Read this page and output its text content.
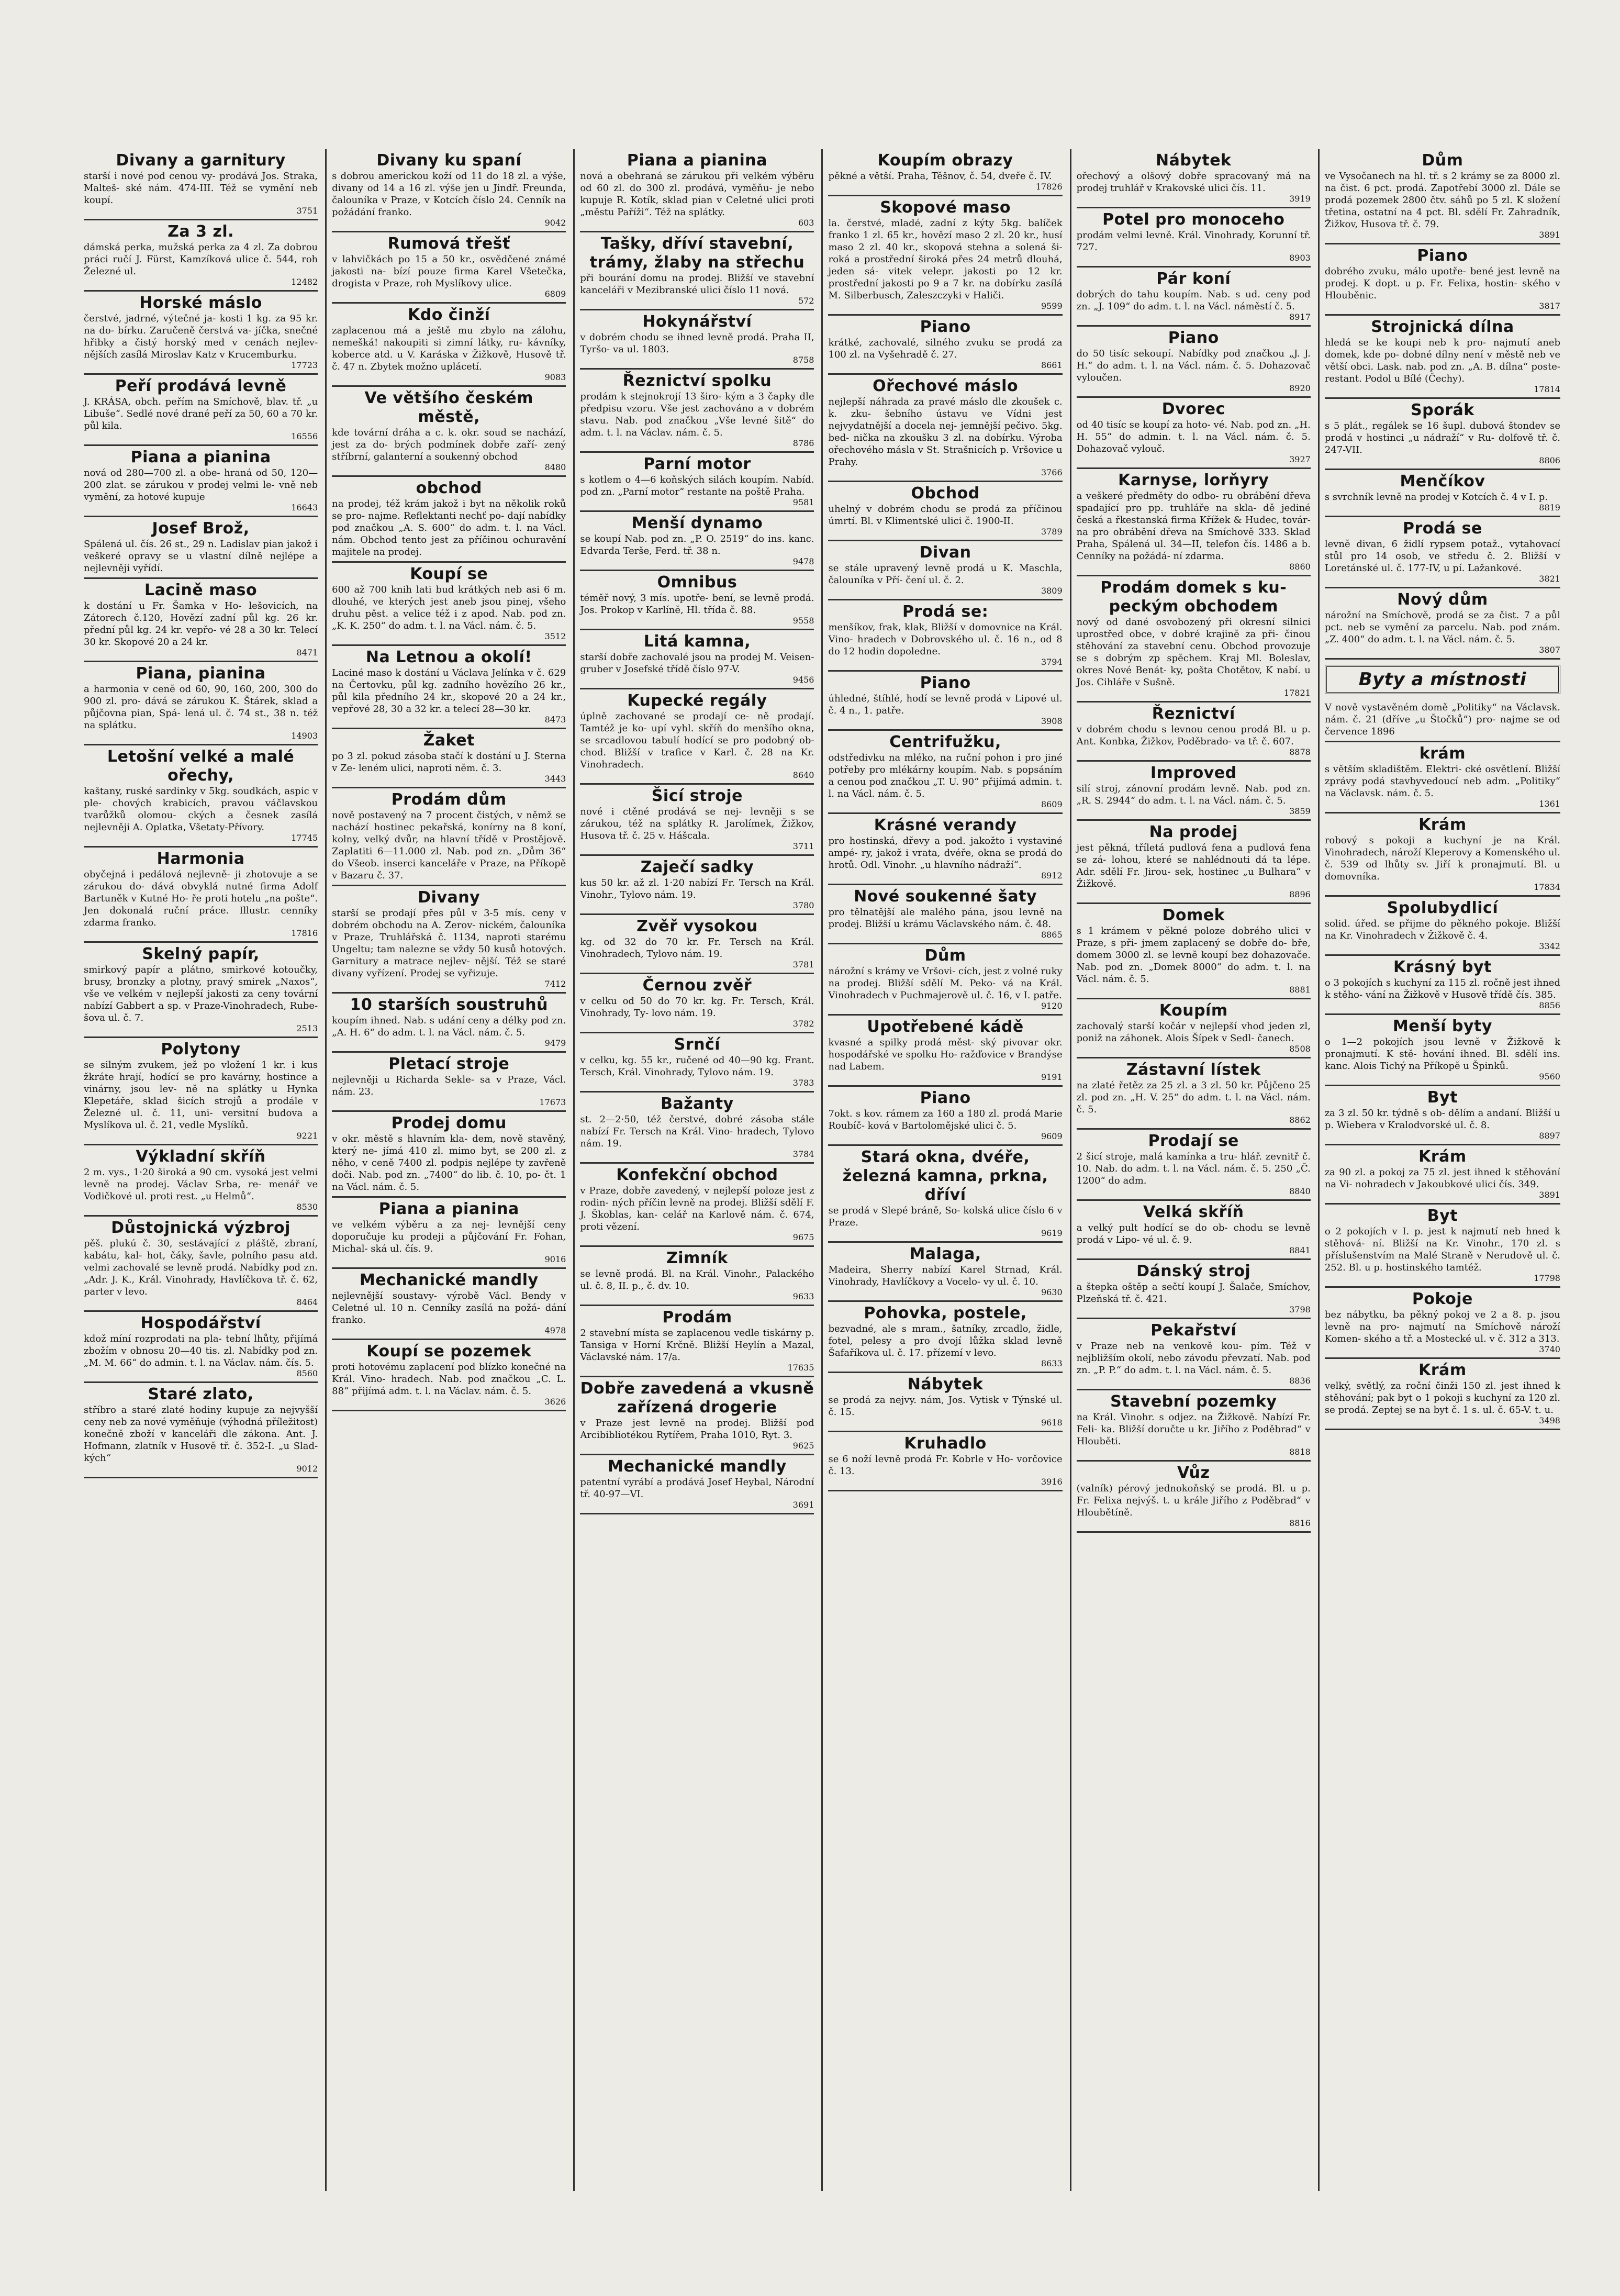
Divany a garnitury

starší i nové pod cenou vy- prodává Jos. Straka, Malteš- ské nám. 474-III. Též se vymění neb koupí.

3751
Za 3 zl.

dámská perka, mužská perka za 4 zl. Za dobrou práci ručí J. Fürst, Kamzíková ulice č. 544, roh Železné ul.

12482
Horské máslo

čerstvé, jadrné, výtečné ja- kosti 1 kg. za 95 kr. na do- bírku. Zaručeně čerstvá va- jíčka, snečné hřibky a čistý horský med v cenách nejlev- nějších zasílá Miroslav Katz v Krucemburku.

17723
Peří prodává levně

J. KRÁSA, obch. peřím na Smíchově, blav. tř. „u Libuše“. Sedlé nové drané peří za 50, 60 a 70 kr. půl kila.

16556
Piana a pianina

nová od 280—700 zl. a obe- hraná od 50, 120—200 zlat. se zárukou v prodej velmi le- vně neb vymění, za hotové kupuje

16643
Josef Brož,

Spálená ul. čís. 26 st., 29 n. Ladislav pian jakož i veškeré opravy se u vlastní dílně nejlépe a nejlevněji vyřídí.

Lacině maso

k dostání u Fr. Šamka v Ho- lešovicích, na Zátorech č.120, Hovězí zadní půl kg. 26 kr. přední půl kg. 24 kr. vepřo- vé 28 a 30 kr. Telecí 30 kr. Skopové 20 a 24 kr.

8471
Piana, pianina

a harmonia v ceně od 60, 90, 160, 200, 300 do 900 zl. pro- dává se zárukou K. Štárek, sklad a půjčovna pian, Spá- lená ul. č. 74 st., 38 n. též na splátku.

14903
Letošní velké a malé ořechy,

kaštany, ruské sardinky v 5kg. soudkách, aspic v ple- chových krabicích, pravou váčlavskou tvarůžků olomou- ckých a česnek zasílá nejlevněji A. Oplatka, Všetaty-Přívory.

17745
Harmonia

obyčejná i pedálová nejlevně- ji zhotovuje a se zárukou do- dává obvyklá nutné firma Adolf Bartuněk v Kutné Ho- ře proti hotelu „na pošte“. Jen dokonalá ruční práce. Illustr. cenníky zdarma franko.

17816
Skelný papír,

smirkový papír a plátno, smirkové kotoučky, brusy, bronzky a plotny, pravý smirek „Naxos“, vše ve velkém v nejlepší jakosti za ceny tovární nabízí Gabbert a sp. v Praze-Vinohradech, Rube- šova ul. č. 7.

2513
Polytony

se silným zvukem, jež po vložení 1 kr. i kus žkráte hrají, hodící se pro kavárny, hostince a vinárny, jsou lev- ně na splátky u Hynka Klepetáře, sklad šicích strojů a prodále v Železné ul. č. 11, uni- versitní budova a Myslíkova ul. č. 21, vedle Myslíků.

9221
Výkladní skříň

2 m. vys., 1·20 široká a 90 cm. vysoká jest velmi levně na prodej. Václav Srba, re- menář ve Vodičkové ul. proti rest. „u Helmů“.

8530
Důstojnická výzbroj

pěš. plukú č. 30, sestávající z pláště, zbraní, kabátu, kal- hot, čáky, šavle, polního pasu atd. velmi zachovalé se levně prodá. Nabídky pod zn. „Adr. J. K., Král. Vinohrady, Havlíčkova tř. č. 62, parter v levo.

8464
Hospodářství

kdož míní rozprodati na pla- tební lhůty, přijímá zbožím v obnosu 20—40 tis. zl. Nabídky pod zn. „M. M. 66“ do admin. t. l. na Václav. nám. čís. 5.

8560
Staré zlato,

stříbro a staré zlaté hodiny kupuje za nejvyšší ceny neb za nové vyměňuje (výhodná příležitost) konečně zboží v kanceláři dle zákona. Ant. J. Hofmann, zlatník v Husově tř. č. 352-I. „u Slad- kých“

9012
Divany ku spaní

s dobrou americkou koží od 11 do 18 zl. a výše, divany od 14 a 16 zl. výše jen u Jindř. Freunda, čalouníka v Praze, v Kotcích číslo 24. Cenník na požádání franko.

9042
Rumová třešť

v lahvičkách po 15 a 50 kr., osvědčené známé jakosti na- bízí pouze firma Karel Všetečka, drogista v Praze, roh Myslíkovy ulice.

6809
Kdo činží

zaplacenou má a ještě mu zbylo na zálohu, nemešká! nakoupiti si zimní látky, ru- kávníky, koberce atd. u V. Karáska v Žižkově, Husově tř. č. 47 n. Zbytek možno uplácetí.

9083
Ve většího českém městě,

kde tovární dráha a c. k. okr. soud se nachází, jest za do- brých podmínek dobře zaří- zený stříbrní, galanterní a soukenný obchod

8480
obchod

na prodej, též krám jakož i byt na několik roků se pro- najme. Reflektanti nechť po- dají nabídky pod značkou „A. S. 600“ do adm. t. l. na Václ. nám. Obchod tento jest za příčinou ochuravění majitele na prodej.

Koupí se

600 až 700 knih lati bud krátkých neb asi 6 m. dlouhé, ve kterých jest aneb jsou pinej, všeho druhu pěst. a velice též i z apod. Nab. pod zn. „K. K. 250“ do adm. t. l. na Václ. nám. č. 5.

3512
Na Letnou a okolí!

Laciné maso k dostání u Václava Jelínka v č. 629 na Čertovku, půl kg. zadního hovězího 26 kr., půl kila předního 24 kr., skopové 20 a 24 kr., vepřové 28, 30 a 32 kr. a telecí 28—30 kr.

8473
Žaket

po 3 zl. pokud zásoba stačí k dostání u J. Sterna v Ze- leném ulici, naproti něm. č. 3.

3443
Prodám dům

nově postavený na 7 procent čistých, v němž se nachází hostinec pekařská, konírny na 8 koní, kolny, velký dvůr, na hlavní třídě v Prostějově. Zaplatiti 6—11.000 zl. Nab. pod zn. „Dům 36“ do Všeob. inserci kanceláře v Praze, na Příkopě v Bazaru č. 37.

Divany

starší se prodají přes půl v 3-5 mís. ceny v dobrém obchodu na A. Zerov- nickém, čalouníka v Praze, Truhlářská č. 1134, naproti starému Ungeltu; tam nalezne se vždy 50 kusů hotových. Garnitury a matrace nejlev- nější. Též se staré divany vyřízení. Prodej se vyřizuje.

7412
10 starších soustruhů

koupím ihned. Nab. s udání ceny a délky pod zn. „A. H. 6“ do adm. t. l. na Václ. nám. č. 5.

9479
Pletací stroje

nejlevněji u Richarda Sekle- sa v Praze, Václ. nám. 23.

17673
Prodej domu

v okr. městě s hlavním kla- dem, nově stavěný, který ne- jímá 410 zl. mimo byt, se 200 zl. z něho, v ceně 7400 zl. podpis nejlépe ty zavřeně doči. Nab. pod zn. „7400“ do lib. č. 10, po- čt. 1 na Václ. nám. č. 5.

Piana a pianina

ve velkém výběru a za nej- levnější ceny doporučuje ku prodeji a půjčování Fr. Fohan, Michal- ská ul. čís. 9.

9016
Mechanické mandly

nejlevnější soustavy- výrobě Václ. Bendy v Celetné ul. 10 n. Cenníky zasílá na požá- dání franko.

4978
Koupí se pozemek

proti hotovému zaplacení pod blízko konečné na Král. Vino- hradech. Nab. pod značkou „C. L. 88“ přijímá adm. t. l. na Václav. nám. č. 5.

3626
Piana a pianina

nová a obehraná se zárukou při velkém výběru od 60 zl. do 300 zl. prodává, vyměňu- je nebo kupuje R. Kotík, sklad pian v Celetné ulici proti „městu Paříži“. Též na splátky.

603
Tašky, dříví stavební, trámy, žlaby na střechu

při bourání domu na prodej. Bližší ve stavební kanceláři v Mezibranské ulici číslo 11 nová.

572
Hokynářství

v dobrém chodu se ihned levně prodá. Praha II, Tyršo- va ul. 1803.

8758
Řeznictví spolku

prodám k stejnokrojí 13 širo- kým a 3 čapky dle předpisu vzoru. Vše jest zachováno a v dobrém stavu. Nab. pod značkou „Vše levné šitě“ do adm. t. l. na Václav. nám. č. 5.

8786
Parní motor

s kotlem o 4—6 koňských silách koupím. Nabíd. pod zn. „Parní motor“ restante na poště Praha.

9581
Menší dynamo

se koupí Nab. pod zn. „P. O. 2519“ do ins. kanc. Edvarda Terše, Ferd. tř. 38 n.

9478
Omnibus

téměř nový, 3 mís. upotře- bení, se levně prodá. Jos. Prokop v Karlíně, Hl. třída č. 88.

9558
Litá kamna,

starší dobře zachovalé jsou na prodej M. Veisen- gruber v Josefské třídě číslo 97-V.

9456
Kupecké regály

úplně zachované se prodají ce- ně prodají. Tamtéž je ko- upí vyhl. skříň do menšího okna, se srcadlovou tabulí hodící se pro podobný ob- chod. Bližší v trafice v Karl. č. 28 na Kr. Vinohradech.

8640
Šicí stroje

nové i ctěné prodává se nej- levněji s se zárukou, též na splátky R. Jarolímek, Žižkov, Husova tř. č. 25 v. Hášcala.

3711
Zaječí sadky

kus 50 kr. až zl. 1·20 nabízí Fr. Tersch na Král. Vinohr., Tylovo nám. 19.

3780
Zvěř vysokou

kg. od 32 do 70 kr. Fr. Tersch na Král. Vinohradech, Tylovo nám. 19.

3781
Černou zvěř

v celku od 50 do 70 kr. kg. Fr. Tersch, Král. Vinohrady, Ty- lovo nám. 19.

3782
Srnčí

v celku, kg. 55 kr., ručené od 40—90 kg. Frant. Tersch, Král. Vinohrady, Tylovo nám. 19.

3783
Bažanty

st. 2—2·50, též čerstvé, dobré zásoba stále nabízí Fr. Tersch na Král. Vino- hradech, Tylovo nám. 19.

3784
Konfekční obchod

v Praze, dobře zavedený, v nejlepší poloze jest z rodin- ných příčin levně na prodej. Bližší sdělí F. J. Škoblas, kan- celář na Karlově nám. č. 674, proti vězení.

9675
Zimník

se levně prodá. Bl. na Král. Vinohr., Palackého ul. č. 8, II. p., č. dv. 10.

9633
Prodám

2 stavební místa se zaplacenou vedle tiskárny p. Tansiga v Horní Krčně. Bližší Heylín a Mazal, Václavské nám. 17/a.

17635
Dobře zavedená a vkusně zařízená drogerie

v Praze jest levně na prodej. Bližší pod Arcibibliotékou Rytířem, Praha 1010, Ryt. 3.

9625
Mechanické mandly

patentní vyrábí a prodává Josef Heybal, Národní tř. 40-97—VI.

3691
Koupím obrazy

pěkné a větší. Praha, Těšnov, č. 54, dveře č. IV.

17826
Skopové maso

la. čerstvé, mladé, zadní z kýty 5kg. balíček franko 1 zl. 65 kr., hovězí maso 2 zl. 20 kr., husí maso 2 zl. 40 kr., skopová stehna a solená ši- roká a prostřední široká přes 24 metrů dlouhá, jeden sá- vitek velepr. jakosti po 12 kr. prostřední jakosti po 9 a 7 kr. na dobírku zasílá M. Silberbusch, Zaleszczyki v Haliči.

9599
Piano

krátké, zachovalé, silného zvuku se prodá za 100 zl. na Vyšehradě č. 27.

8661
Ořechové máslo

nejlepší náhrada za pravé máslo dle zkoušek c. k. zku- šebního ústavu ve Vídni jest nejvydatnější a docela nej- jemnější pečivo. 5kg. bed- nička na zkoušku 3 zl. na dobírku. Výroba ořechového másla v St. Strašnicích p. Vršovice u Prahy.

3766
Obchod

uhelný v dobrém chodu se prodá za příčinou úmrtí. Bl. v Klimentské ulici č. 1900-II.

3789
Divan

se stále upravený levně prodá u K. Maschla, čalouníka v Pří- čení ul. č. 2.

3809
Prodá se:

menšíkov, frak, klak, Bližší v domovnice na Král. Vino- hradech v Dobrovského ul. č. 16 n., od 8 do 12 hodin dopoledne.

3794
Piano

úhledné, štíhlé, hodí se levně prodá v Lipové ul. č. 4 n., 1. patře.

3908
Centrifužku,

odstředivku na mléko, na ruční pohon i pro jiné potřeby pro mlékárny koupím. Nab. s popsáním a cenou pod značkou „T. U. 90“ přijímá admin. t. l. na Václ. nám. č. 5.

8609
Krásné verandy

pro hostinská, dřevy a pod. jakožto i vystaviné ampé- ry, jakož i vrata, dvéře, okna se prodá do hrotů. Odl. Vinohr. „u hlavního nádraží“.

8912
Nové soukenné šaty

pro tělnatější ale malého pána, jsou levně na prodej. Bližší u krámu Václavského nám. č. 48.

8865
Dům

nárožní s krámy ve Vršovi- cích, jest z volné ruky na prodej. Bližší sdělí M. Peko- vá na Král. Vinohradech v Puchmajerově ul. č. 16, v I. patře.

9120
Upotřebené kádě

kvasné a spilky prodá měst- ský pivovar okr. hospodářské ve spolku Ho- ražďovice v Brandýse nad Labem.

9191
Piano

7okt. s kov. rámem za 160 a 180 zl. prodá Marie Roubíč- ková v Bartolomějské ulici č. 5.

9609
Stará okna, dvéře, železná kamna, prkna, dříví

se prodá v Slepé bráně, So- kolská ulice číslo 6 v Praze.

9619
Malaga,

Madeira, Sherry nabízí Karel Strnad, Král. Vinohrady, Havlíčkovy a Vocelo- vy ul. č. 10.

9630
Pohovka, postele,

bezvadné, ale s mram., šatníky, zrcadlo, židle, fotel, pelesy a pro dvojí lůžka sklad levně Šafaříkova ul. č. 17. přízemí v levo.

8633
Nábytek

se prodá za nejvy. nám, Jos. Vytisk v Týnské ul. č. 15.

9618
Kruhadlo

se 6 noží levně prodá Fr. Kobrle v Ho- vorčovice č. 13.

3916
Nábytek

ořechový a olšový dobře spracovaný má na prodej truhlář v Krakovské ulici čís. 11.

3919
Potel pro monoceho

prodám velmi levně. Král. Vinohrady, Korunní tř. 727.

8903
Pár koní

dobrých do tahu koupím. Nab. s ud. ceny pod zn. „J. 109“ do adm. t. l. na Václ. náměstí č. 5.

8917
Piano

do 50 tisíc sekoupí. Nabídky pod značkou „J. J. H.“ do adm. t. l. na Václ. nám. č. 5. Dohazovač vyloučen.

8920
Dvorec

od 40 tisíc se koupí za hoto- vé. Nab. pod zn. „H. H. 55“ do admin. t. l. na Václ. nám. č. 5. Dohazovač vylouč.

3927
Karnyse, lorňyry

a veškeré předměty do odbo- ru obrábění dřeva spadající pro pp. truhláře na skla- dě jediné česká a řkestanská firma Křížek & Hudec, továr- na pro obrábění dřeva na Smíchově 333. Sklad Praha, Spálená ul. 34—II, telefon čís. 1486 a b. Cenníky na požádá- ní zdarma.

8860
Prodám domek s ku- peckým obchodem

nový od dané osvobozený při okresní silnici uprostřed obce, v dobré krajině za při- činou stěhování za stavební cenu. Obchod provozuje se s dobrým zp spěchem. Kraj Ml. Boleslav, okres Nové Benát- ky, pošta Chotětov, K nabí. u Jos. Cihláře v Sušně.

17821
Řeznictví

v dobrém chodu s levnou cenou prodá Bl. u p. Ant. Konbka, Žižkov, Poděbrado- va tř. č. 607.

8878
Improved

silí stroj, zánovní prodám levně. Nab. pod zn. „R. S. 2944“ do adm. t. l. na Václ. nám. č. 5.

3859
Na prodej

jest pěkná, tříletá pudlová fena a pudlová fena se zá- lohou, které se nahlédnouti dá ta lépe. Adr. sdělí Fr. Jirou- sek, hostinec „u Bulhara“ v Žižkově.

8896
Domek

s 1 krámem v pěkné poloze dobrého ulici v Praze, s při- jmem zaplacený se dobře do- bře, domem 3000 zl. se levně koupí bez dohazovače. Nab. pod zn. „Domek 8000“ do adm. t. l. na Václ. nám. č. 5.

8881
Koupím

zachovalý starší kočár v nejlepší vhod jeden zl, poniž na záhonek. Alois Šípek v Sedl- čanech.

8508
Zástavní lístek

na zlaté řetěz za 25 zl. a 3 zl. 50 kr. Půjčeno 25 zl. pod zn. „H. V. 25“ do adm. t. l. na Václ. nám. č. 5.

8862
Prodají se

2 šicí stroje, malá kamínka a tru- hlář. zevnitř č. 10. Nab. do adm. t. l. na Václ. nám. č. 5. 250 „Č. 1200“ do adm.

8840
Velká skříň

a velký pult hodící se do ob- chodu se levně prodá v Lipo- vé ul. č. 9.

8841
Dánský stroj

a štepka oštěp a sečtí koupí J. Šalače, Smíchov, Plzeňská tř. č. 421.

3798
Pekařství

v Praze neb na venkově kou- pím. Též v nejbližším okolí, nebo závodu převzatí. Nab. pod zn. „P. P.“ do adm. t. l. na Václ. nám. č. 5.

8836
Stavební pozemky

na Král. Vinohr. s odjez. na Žižkově. Nabízí Fr. Feli- ka. Bližší doručte u kr. Jiřího z Poděbrad“ v Hlouběti.

8818
Vůz

(valník) pérový jednokoňský se prodá. Bl. u p. Fr. Felixa nejvýš. t. u krále Jiřího z Poděbrad“ v Hloubětíně.

8816
Dům

ve Vysočanech na hl. tř. s 2 krámy se za 8000 zl. na čist. 6 pct. prodá. Zapotřebí 3000 zl. Dále se prodá pozemek 2800 čtv. sáhů po 5 zl. K složení třetina, ostatní na 4 pct. Bl. sdělí Fr. Zahradník, Žižkov, Husova tř. č. 79.

3891
Piano

dobrého zvuku, málo upotře- bené jest levně na prodej. K dopt. u p. Fr. Felixa, hostin- ského v Hlouběnic.

3817
Strojnická dílna

hledá se ke koupi neb k pro- najmutí aneb domek, kde po- dobné dílny není v městě neb ve větší obci. Lask. nab. pod zn. „A. B. dílna“ poste- restant. Podol u Bílé (Čechy).

17814
Sporák

s 5 plát., regálek se 16 šupl. dubová štondev se prodá v hostinci „u nádraží“ v Ru- dolfově tř. č. 247-VII.

8806
Menčíkov

s svrchník levně na prodej v Kotcích č. 4 v I. p.

8819
Prodá se

levně divan, 6 židlí rypsem potaž., vytahovací stůl pro 14 osob, ve středu č. 2. Bližší v Loretánské ul. č. 177-IV, u pí. Lažankové.

3821
Nový dům

nárožní na Smíchově, prodá se za čist. 7 a půl pct. neb se vymění za parcelu. Nab. pod znám. „Z. 400“ do adm. t. l. na Václ. nám. č. 5.

3807
Byty a místnosti

V nově vystavěném domě „Politiky“ na Václavsk. nám. č. 21 (dříve „u Štočků“) pro- najme se od července 1896

krám

s větším skladištěm. Elektri- cké osvětlení. Bližší zprávy podá stavbyvedoucí neb adm. „Politiky“ na Václavsk. nám. č. 5.

1361
Krám

robový s pokoji a kuchyní je na Král. Vinohradech, nároží Kleperovy a Komenského ul. č. 539 od lhůty sv. Jiří k pronajmutí. Bl. u domovníka.

17834
Spolubydlicí

solid. úřed. se přijme do pěkného pokoje. Bližší na Kr. Vinohradech v Žižkově č. 4.

3342
Krásný byt

o 3 pokojích s kuchyní za 115 zl. ročně jest ihned k stěho- vání na Žižkově v Husově třídě čís. 385.

8856
Menší byty

o 1—2 pokojích jsou levně v Žižkově k pronajmutí. K stě- hování ihned. Bl. sdělí ins. kanc. Alois Tichý na Příkopě u Špinků.

9560
Byt

za 3 zl. 50 kr. týdně s ob- dělím a andaní. Bližší u p. Wiebera v Kralodvorské ul. č. 8.

8897
Krám

za 90 zl. a pokoj za 75 zl. jest ihned k stěhování na Vi- nohradech v Jakoubkové ulici čís. 349.

3891
Byt

o 2 pokojích v I. p. jest k najmutí neb hned k stěhová- ní. Bližší na Kr. Vinohr., 170 zl. s příslušenstvím na Malé Straně v Nerudově ul. č. 252. Bl. u p. hostinského tamtéž.

17798
Pokoje

bez nábytku, ba pěkný pokoj ve 2 a 8. p. jsou levně na pro- najmutí na Smíchově nároží Komen- ského a tř. a Mostecké ul. v č. 312 a 313.

3740
Krám

velký, světlý, za roční činži 150 zl. jest ihned k stěhování; pak byt o 1 pokoji s kuchyní za 120 zl. se prodá. Zeptej se na byt č. 1 s. ul. č. 65-V. t. u.

3498
